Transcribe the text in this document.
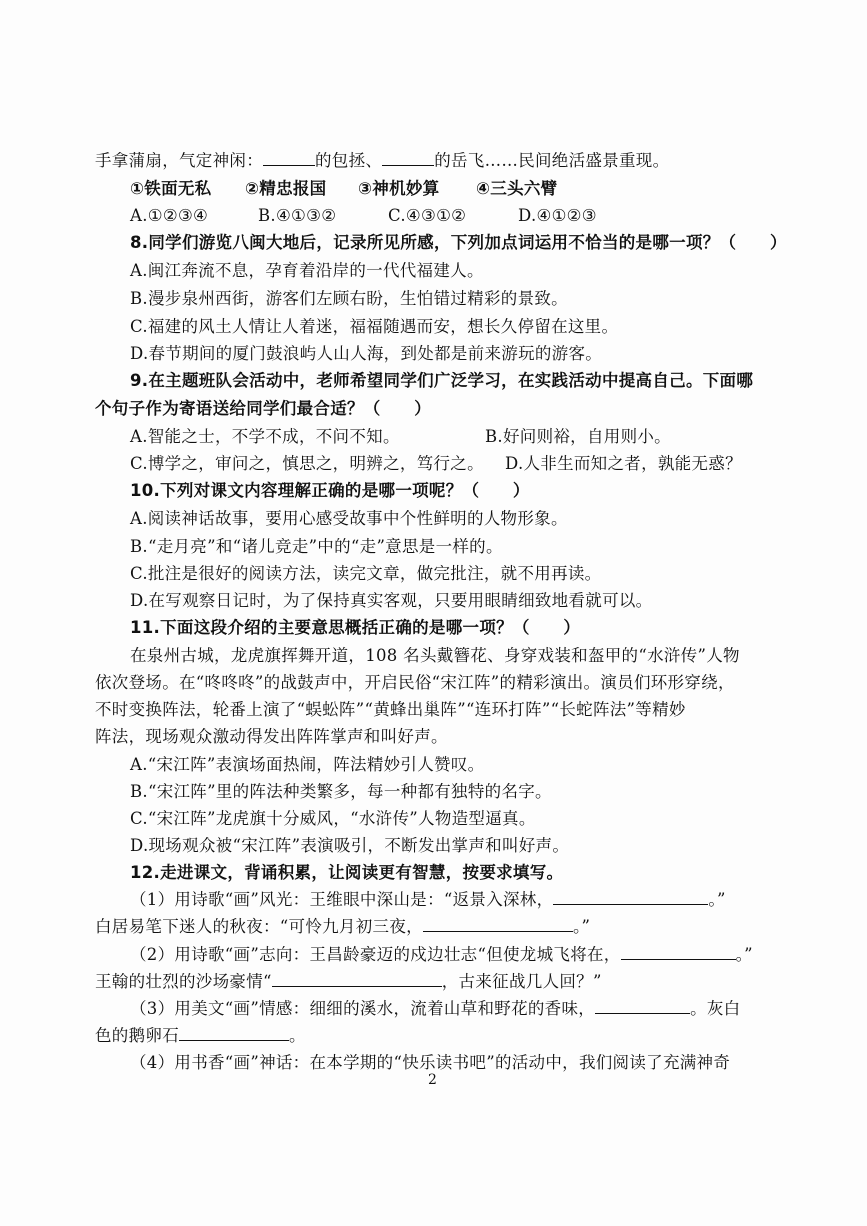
手拿蒲扇，气定神闲：	的包拯、	的岳飞……民间绝活盛景重现。
①铁面无私 ②精忠报国 ③神机妙算 ④三头六臂
A.①②③④	B.④①③②	C.④③①②	D.④①②③
8.同学们游览八闽大地后，记录所见所感，下列加点词运用不恰当的是哪一项？（　　）
A.闽江奔流不息，孕育着沿岸的一代代福建人。
B.漫步泉州西街，游客们左顾右盼，生怕错过精彩的景致。
C.福建的风土人情让人着迷，福福随遇而安，想长久停留在这里。
D.春节期间的厦门鼓浪屿人山人海，到处都是前来游玩的游客。
9.在主题班队会活动中，老师希望同学们广泛学习，在实践活动中提高自己。下面哪
个句子作为寄语送给同学们最合适？（　　）
A.智能之士，不学不成，不问不知。	B.好问则裕，自用则小。
C.博学之，审问之，慎思之，明辨之，笃行之。 D.人非生而知之者，孰能无惑？
10.下列对课文内容理解正确的是哪一项呢？（　　）
A.阅读神话故事，要用心感受故事中个性鲜明的人物形象。
B.“走月亮”和“诸儿竞走”中的“走”意思是一样的。
C.批注是很好的阅读方法，读完文章，做完批注，就不用再读。
D.在写观察日记时，为了保持真实客观，只要用眼睛细致地看就可以。
11.下面这段介绍的主要意思概括正确的是哪一项？（　　）
在泉州古城，龙虎旗挥舞开道，108 名头戴簪花、身穿戏装和盔甲的“水浒传”人物
依次登场。在“咚咚咚”的战鼓声中，开启民俗“宋江阵”的精彩演出。演员们环形穿绕，
不时变换阵法，轮番上演了“蜈蚣阵”“黄蜂出巢阵”“连环打阵”“长蛇阵法”等精妙
阵法，现场观众激动得发出阵阵掌声和叫好声。
A.“宋江阵”表演场面热闹，阵法精妙引人赞叹。
B.“宋江阵”里的阵法种类繁多，每一种都有独特的名字。
C.“宋江阵”龙虎旗十分威风，“水浒传”人物造型逼真。
D.现场观众被“宋江阵”表演吸引，不断发出掌声和叫好声。
12.走进课文，背诵积累，让阅读更有智慧，按要求填写。
（1）用诗歌“画”风光：王维眼中深山是：“返景入深林，	。”
白居易笔下迷人的秋夜：“可怜九月初三夜，	。”
（2）用诗歌“画”志向：王昌龄豪迈的戍边壮志“但使龙城飞将在，	。”
王翰的壮烈的沙场豪情“	，古来征战几人回？”
（3）用美文“画”情感：细细的溪水，流着山草和野花的香味，	。灰白
色的鹅卵石	。
（4）用书香“画”神话：在本学期的“快乐读书吧”的活动中，我们阅读了充满神奇
2
